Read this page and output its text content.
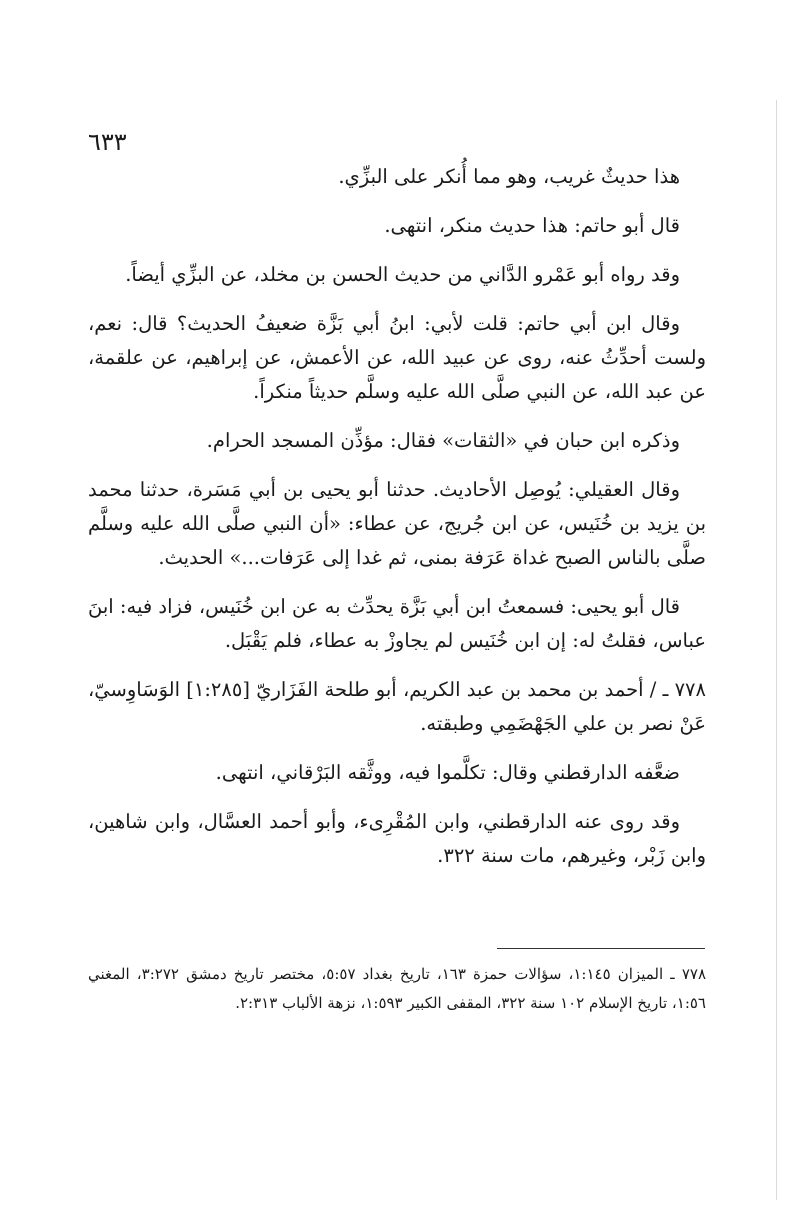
٦٣٣

هذا حديثٌ غريب، وهو مما أُنكر على البزِّي.

قال أبو حاتم: هذا حديث منكر، انتهى.

وقد رواه أبو عَمْرو الدَّاني من حديث الحسن بن مخلد، عن البزِّي أيضاً.

وقال ابن أبي حاتم: قلت لأبي: ابنُ أبي بَزَّة ضعيفُ الحديث؟ قال: نعم، ولست أحدِّثُ عنه، روى عن عبيد الله، عن الأعمش، عن إبراهيم، عن علقمة، عن عبد الله، عن النبي صلَّى الله عليه وسلَّم حديثاً منكراً.

وذكره ابن حبان في «الثقات» فقال: مؤذِّن المسجد الحرام.

وقال العقيلي: يُوصِل الأحاديث. حدثنا أبو يحيى بن أبي مَسَرة، حدثنا محمد بن يزيد بن خُنَيس، عن ابن جُريج، عن عطاء: «أن النبي صلَّى الله عليه وسلَّم صلَّى بالناس الصبح غداة عَرَفة بمنى، ثم غدا إلى عَرَفات...» الحديث.

قال أبو يحيى: فسمعتُ ابن أبي بَزَّة يحدِّث به عن ابن خُنَيس، فزاد فيه: ابنَ عباس، فقلتُ له: إن ابن خُنَيس لم يجاوزْ به عطاء، فلم يَقْبَل.

٧٧٨ ـ / أحمد بن محمد بن عبد الكريم، أبو طلحة الفَزَاريّ [١:٢٨٥] الوَسَاوِسيّ، عَنْ نصر بن علي الجَهْضَمِي وطبقته.

ضعَّفه الدارقطني وقال: تكلَّموا فيه، ووثَّقه البَرْقاني، انتهى.

وقد روى عنه الدارقطني، وابن المُقْرِىء، وأبو أحمد العسَّال، وابن شاهين، وابن زَبْر، وغيرهم، مات سنة ٣٢٢.

٧٧٨ ـ الميزان ١:١٤٥، سؤالات حمزة ١٦٣، تاريخ بغداد ٥:٥٧، مختصر تاريخ دمشق ٣:٢٧٢، المغني ١:٥٦، تاريخ الإسلام ١٠٢ سنة ٣٢٢، المقفى الكبير ١:٥٩٣، نزهة الألباب ٢:٣١٣.
